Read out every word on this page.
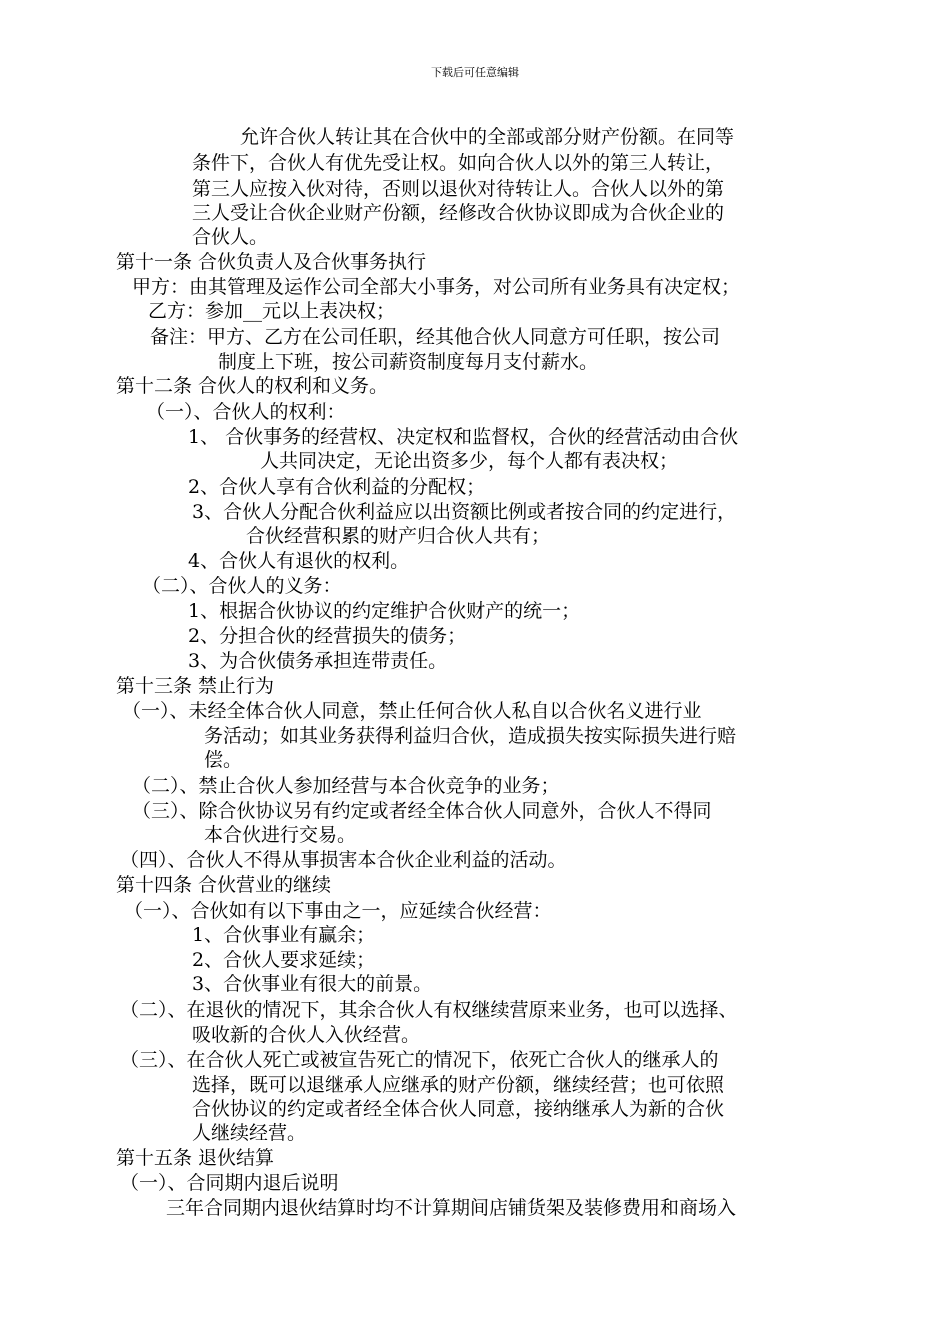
下载后可任意编辑
允许合伙人转让其在合伙中的全部或部分财产份额。在同等
条件下，合伙人有优先受让权。如向合伙人以外的第三人转让，
第三人应按入伙对待，否则以退伙对待转让人。合伙人以外的第
三人受让合伙企业财产份额，经修改合伙协议即成为合伙企业的
合伙人。
第十一条 合伙负责人及合伙事务执行
甲方：由其管理及运作公司全部大小事务，对公司所有业务具有决定权；
乙方：参加__元以上表决权；
备注：甲方、乙方在公司任职，经其他合伙人同意方可任职，按公司
制度上下班，按公司薪资制度每月支付薪水。
第十二条 合伙人的权利和义务。
（一）、合伙人的权利：
1、 合伙事务的经营权、决定权和监督权，合伙的经营活动由合伙
人共同决定，无论出资多少，每个人都有表决权；
2、合伙人享有合伙利益的分配权；
3、合伙人分配合伙利益应以出资额比例或者按合同的约定进行，
合伙经营积累的财产归合伙人共有；
4、合伙人有退伙的权利。
（二）、合伙人的义务：
1、根据合伙协议的约定维护合伙财产的统一；
2、分担合伙的经营损失的债务；
3、为合伙债务承担连带责任。
第十三条 禁止行为
（一）、未经全体合伙人同意，禁止任何合伙人私自以合伙名义进行业
务活动；如其业务获得利益归合伙，造成损失按实际损失进行赔
偿。
（二）、禁止合伙人参加经营与本合伙竞争的业务；
（三）、除合伙协议另有约定或者经全体合伙人同意外，合伙人不得同
本合伙进行交易。
（四）、合伙人不得从事损害本合伙企业利益的活动。
第十四条 合伙营业的继续
（一）、合伙如有以下事由之一，应延续合伙经营：
1、合伙事业有赢余；
2、合伙人要求延续；
3、合伙事业有很大的前景。
（二）、在退伙的情况下，其余合伙人有权继续营原来业务，也可以选择、
吸收新的合伙人入伙经营。
（三）、在合伙人死亡或被宣告死亡的情况下，依死亡合伙人的继承人的
选择，既可以退继承人应继承的财产份额，继续经营；也可依照
合伙协议的约定或者经全体合伙人同意，接纳继承人为新的合伙
人继续经营。
第十五条 退伙结算
（一）、合同期内退后说明
三年合同期内退伙结算时均不计算期间店铺货架及装修费用和商场入
